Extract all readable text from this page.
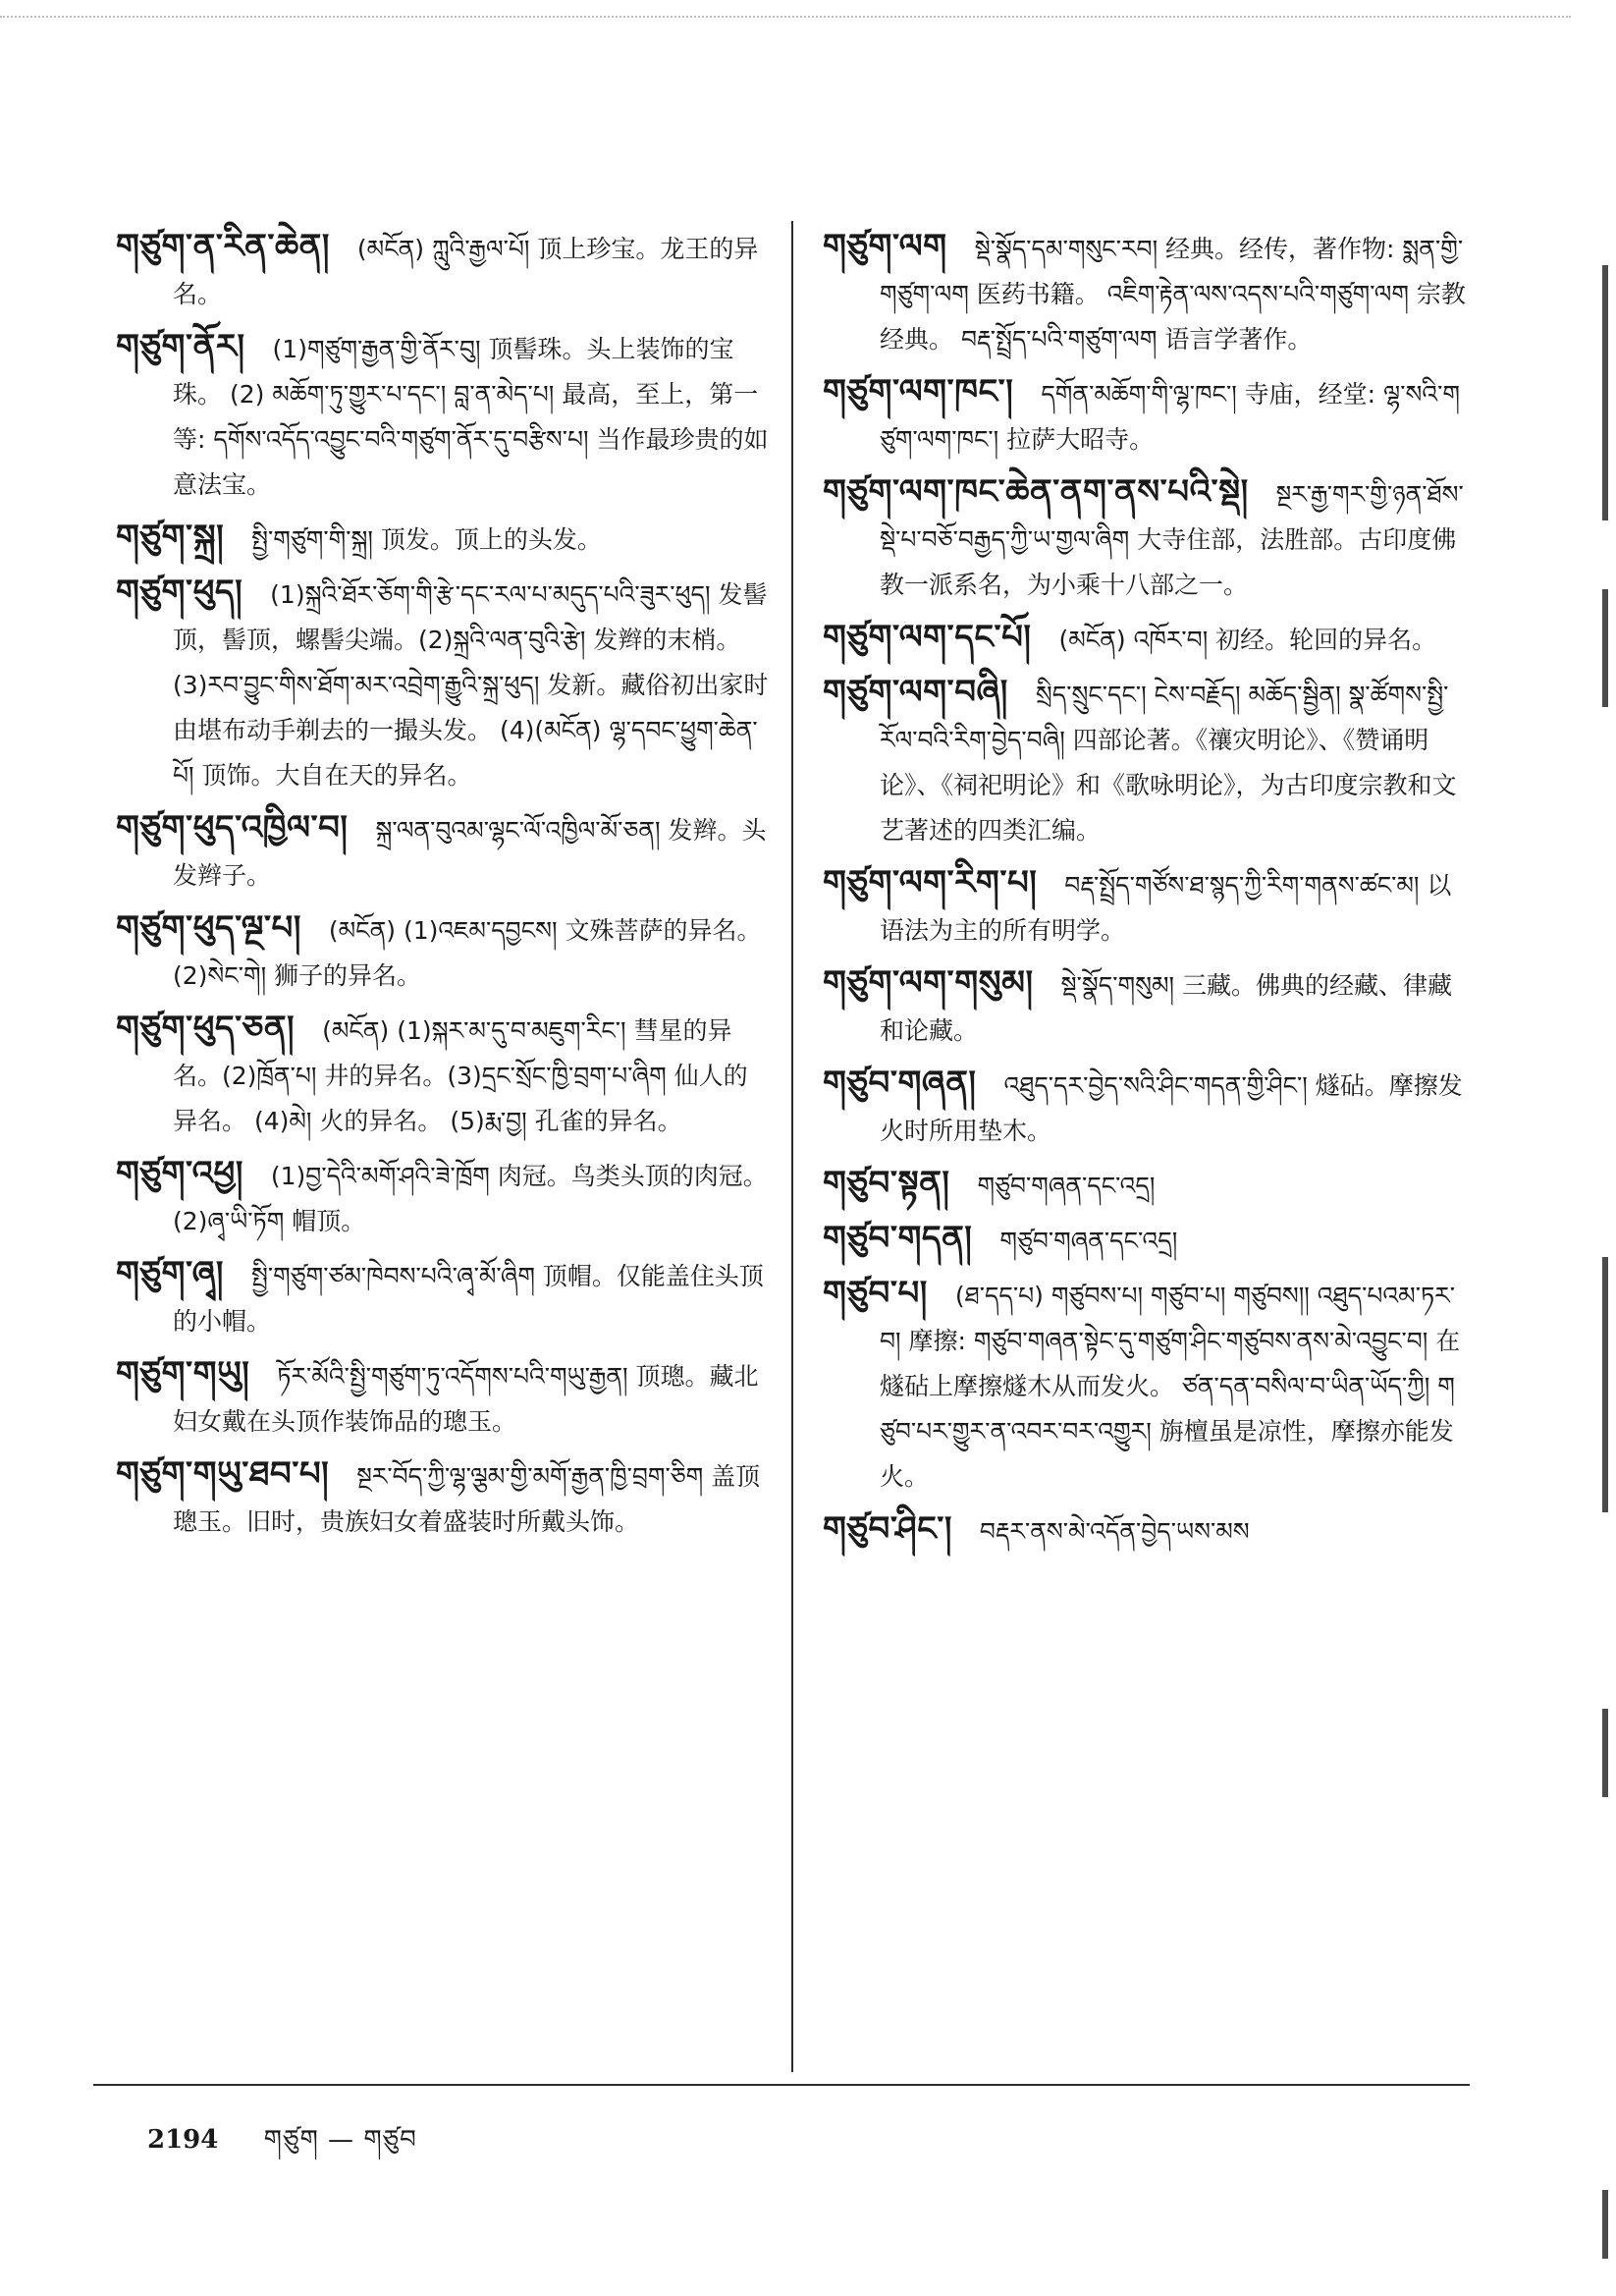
གཙུག་ན་རིན་ཆེན། (མངོན) ཀླུའི་རྒྱལ་པོ། 顶上珍宝。龙王的异名。
གཙུག་ནོར། (1)གཙུག་རྒྱན་གྱི་ནོར་བུ། 顶髻珠。头上装饰的宝珠。 (2) མཆོག་ཏུ་གྱུར་པ་དང་། བླ་ན་མེད་པ། 最高，至上，第一等: དགོས་འདོད་འབྱུང་བའི་གཙུག་ནོར་དུ་བརྩིས་པ། 当作最珍贵的如意法宝。
གཙུག་སྐྲ། སྤྱི་གཙུག་གི་སྐྲ། 顶发。顶上的头发。
གཙུག་ཕུད། (1)སྐྲའི་ཐོར་ཅོག་གི་རྩེ་དང་རལ་པ་མདུད་པའི་ཟུར་ཕུད། 发髻顶，髻顶，螺髻尖端。(2)སྐྲའི་ལན་བུའི་རྩེ། 发辫的末梢。(3)རབ་བྱུང་གིས་ཐོག་མར་འབྲེག་རྒྱུའི་སྐྲ་ཕུད། 发新。藏俗初出家时由堪布动手剃去的一撮头发。 (4)(མངོན) ལྷ་དབང་ཕྱུག་ཆེན་པོ། 顶饰。大自在天的异名。
གཙུག་ཕུད་འཁྱིལ་བ། སྐྲ་ལན་བུའམ་ལྷང་ལོ་འཁྱིལ་མོ་ཅན། 发辫。头发辫子。
གཙུག་ཕུད་ལྔ་པ། (མངོན) (1)འཇམ་དབྱངས། 文殊菩萨的异名。(2)སེང་གེ། 狮子的异名。
གཙུག་ཕུད་ཅན། (མངོན) (1)སྐར་མ་དུ་བ་མཇུག་རིང་། 彗星的异名。(2)ཁྲོན་པ། 井的异名。(3)དྲང་སྲོང་ཁྱི་བྲག་པ་ཞིག 仙人的异名。 (4)མེ། 火的异名。 (5)རྨ་བྱ། 孔雀的异名。
གཙུག་འཕྱ། (1)བྱ་དེའི་མགོ་ཤའི་ཟེ་ཁྲོག 肉冠。鸟类头顶的肉冠。(2)ཞྭ་ཡི་ཏོག 帽顶。
གཙུག་ཞྭ། སྤྱི་གཙུག་ཙམ་ཁེབས་པའི་ཞྭ་མོ་ཞིག 顶帽。仅能盖住头顶的小帽。
གཙུག་གཡུ། ཏོར་མོའི་སྤྱི་གཙུག་ཏུ་འདོགས་པའི་གཡུ་རྒྱན། 顶璁。藏北妇女戴在头顶作装饰品的璁玉。
གཙུག་གཡུ་ཐབ་པ། སྔར་བོད་ཀྱི་ལྷ་ལྕམ་གྱི་མགོ་རྒྱན་ཁྱི་བྲག་ཅིག 盖顶璁玉。旧时，贵族妇女着盛装时所戴头饰。
གཙུག་ལག སྡེ་སྣོད་དམ་གསུང་རབ། 经典。经传，著作物: སྨན་གྱི་གཙུག་ལག 医药书籍。 འཇིག་རྟེན་ལས་འདས་པའི་གཙུག་ལག 宗教经典。 བརྡ་སྤྲོད་པའི་གཙུག་ལག 语言学著作。
གཙུག་ལག་ཁང་། དགོན་མཆོག་གི་ལྷ་ཁང་། 寺庙，经堂: ལྷ་སའི་གཙུག་ལག་ཁང་། 拉萨大昭寺。
གཙུག་ལག་ཁང་ཆེན་ནག་ནས་པའི་སྡེ། སྔར་རྒྱ་གར་གྱི་ཉན་ཐོས་སྡེ་པ་བཅོ་བརྒྱད་ཀྱི་ཡ་གྱལ་ཞིག 大寺住部，法胜部。古印度佛教一派系名，为小乘十八部之一。
གཙུག་ལག་དང་པོ། (མངོན) འཁོར་བ། 初经。轮回的异名。
གཙུག་ལག་བཞི། སྲིད་སྲུང་དང་། ངེས་བརྗོད། མཆོད་སྦྱིན། སྣ་ཚོགས་སྤྱི་རོལ་བའི་རིག་བྱེད་བཞི། 四部论著。《禳灾明论》、《赞诵明论》、《祠祀明论》和《歌咏明论》，为古印度宗教和文艺著述的四类汇编。
གཙུག་ལག་རིག་པ། བརྡ་སྤྲོད་གཙོས་ཐ་སྙད་ཀྱི་རིག་གནས་ཚང་མ། 以语法为主的所有明学。
གཙུག་ལག་གསུམ། སྡེ་སྣོད་གསུམ། 三藏。佛典的经藏、律藏和论藏。
གཙུབ་གཞན། འཐུད་དར་བྱེད་སའི་ཤིང་གདན་གྱི་ཤིང་། 燧砧。摩擦发火时所用垫木。
གཙུབ་སྟན། གཙུབ་གཞན་དང་འདྲ།
གཙུབ་གདན། གཙུབ་གཞན་དང་འདྲ།
གཙུབ་པ། (ཐ་དད་པ) གཙུབས་པ། གཙུབ་པ། གཙུབས།། འཐུད་པའམ་ཏར་བ། 摩擦: གཙུབ་གཞན་སྟེང་དུ་གཙུག་ཤིང་གཙུབས་ནས་མེ་འབྱུང་བ། 在燧砧上摩擦燧木从而发火。 ཙན་དན་བསིལ་བ་ཡིན་ཡོད་ཀྱི། གཙུབ་པར་གྱུར་ན་འབར་བར་འགྱུར། 旃檀虽是凉性，摩擦亦能发火。
གཙུབ་ཤིང་། བརྡར་ནས་མེ་འདོན་བྱེད་ཡས་མས
2194 གཙུག — གཙུབ
